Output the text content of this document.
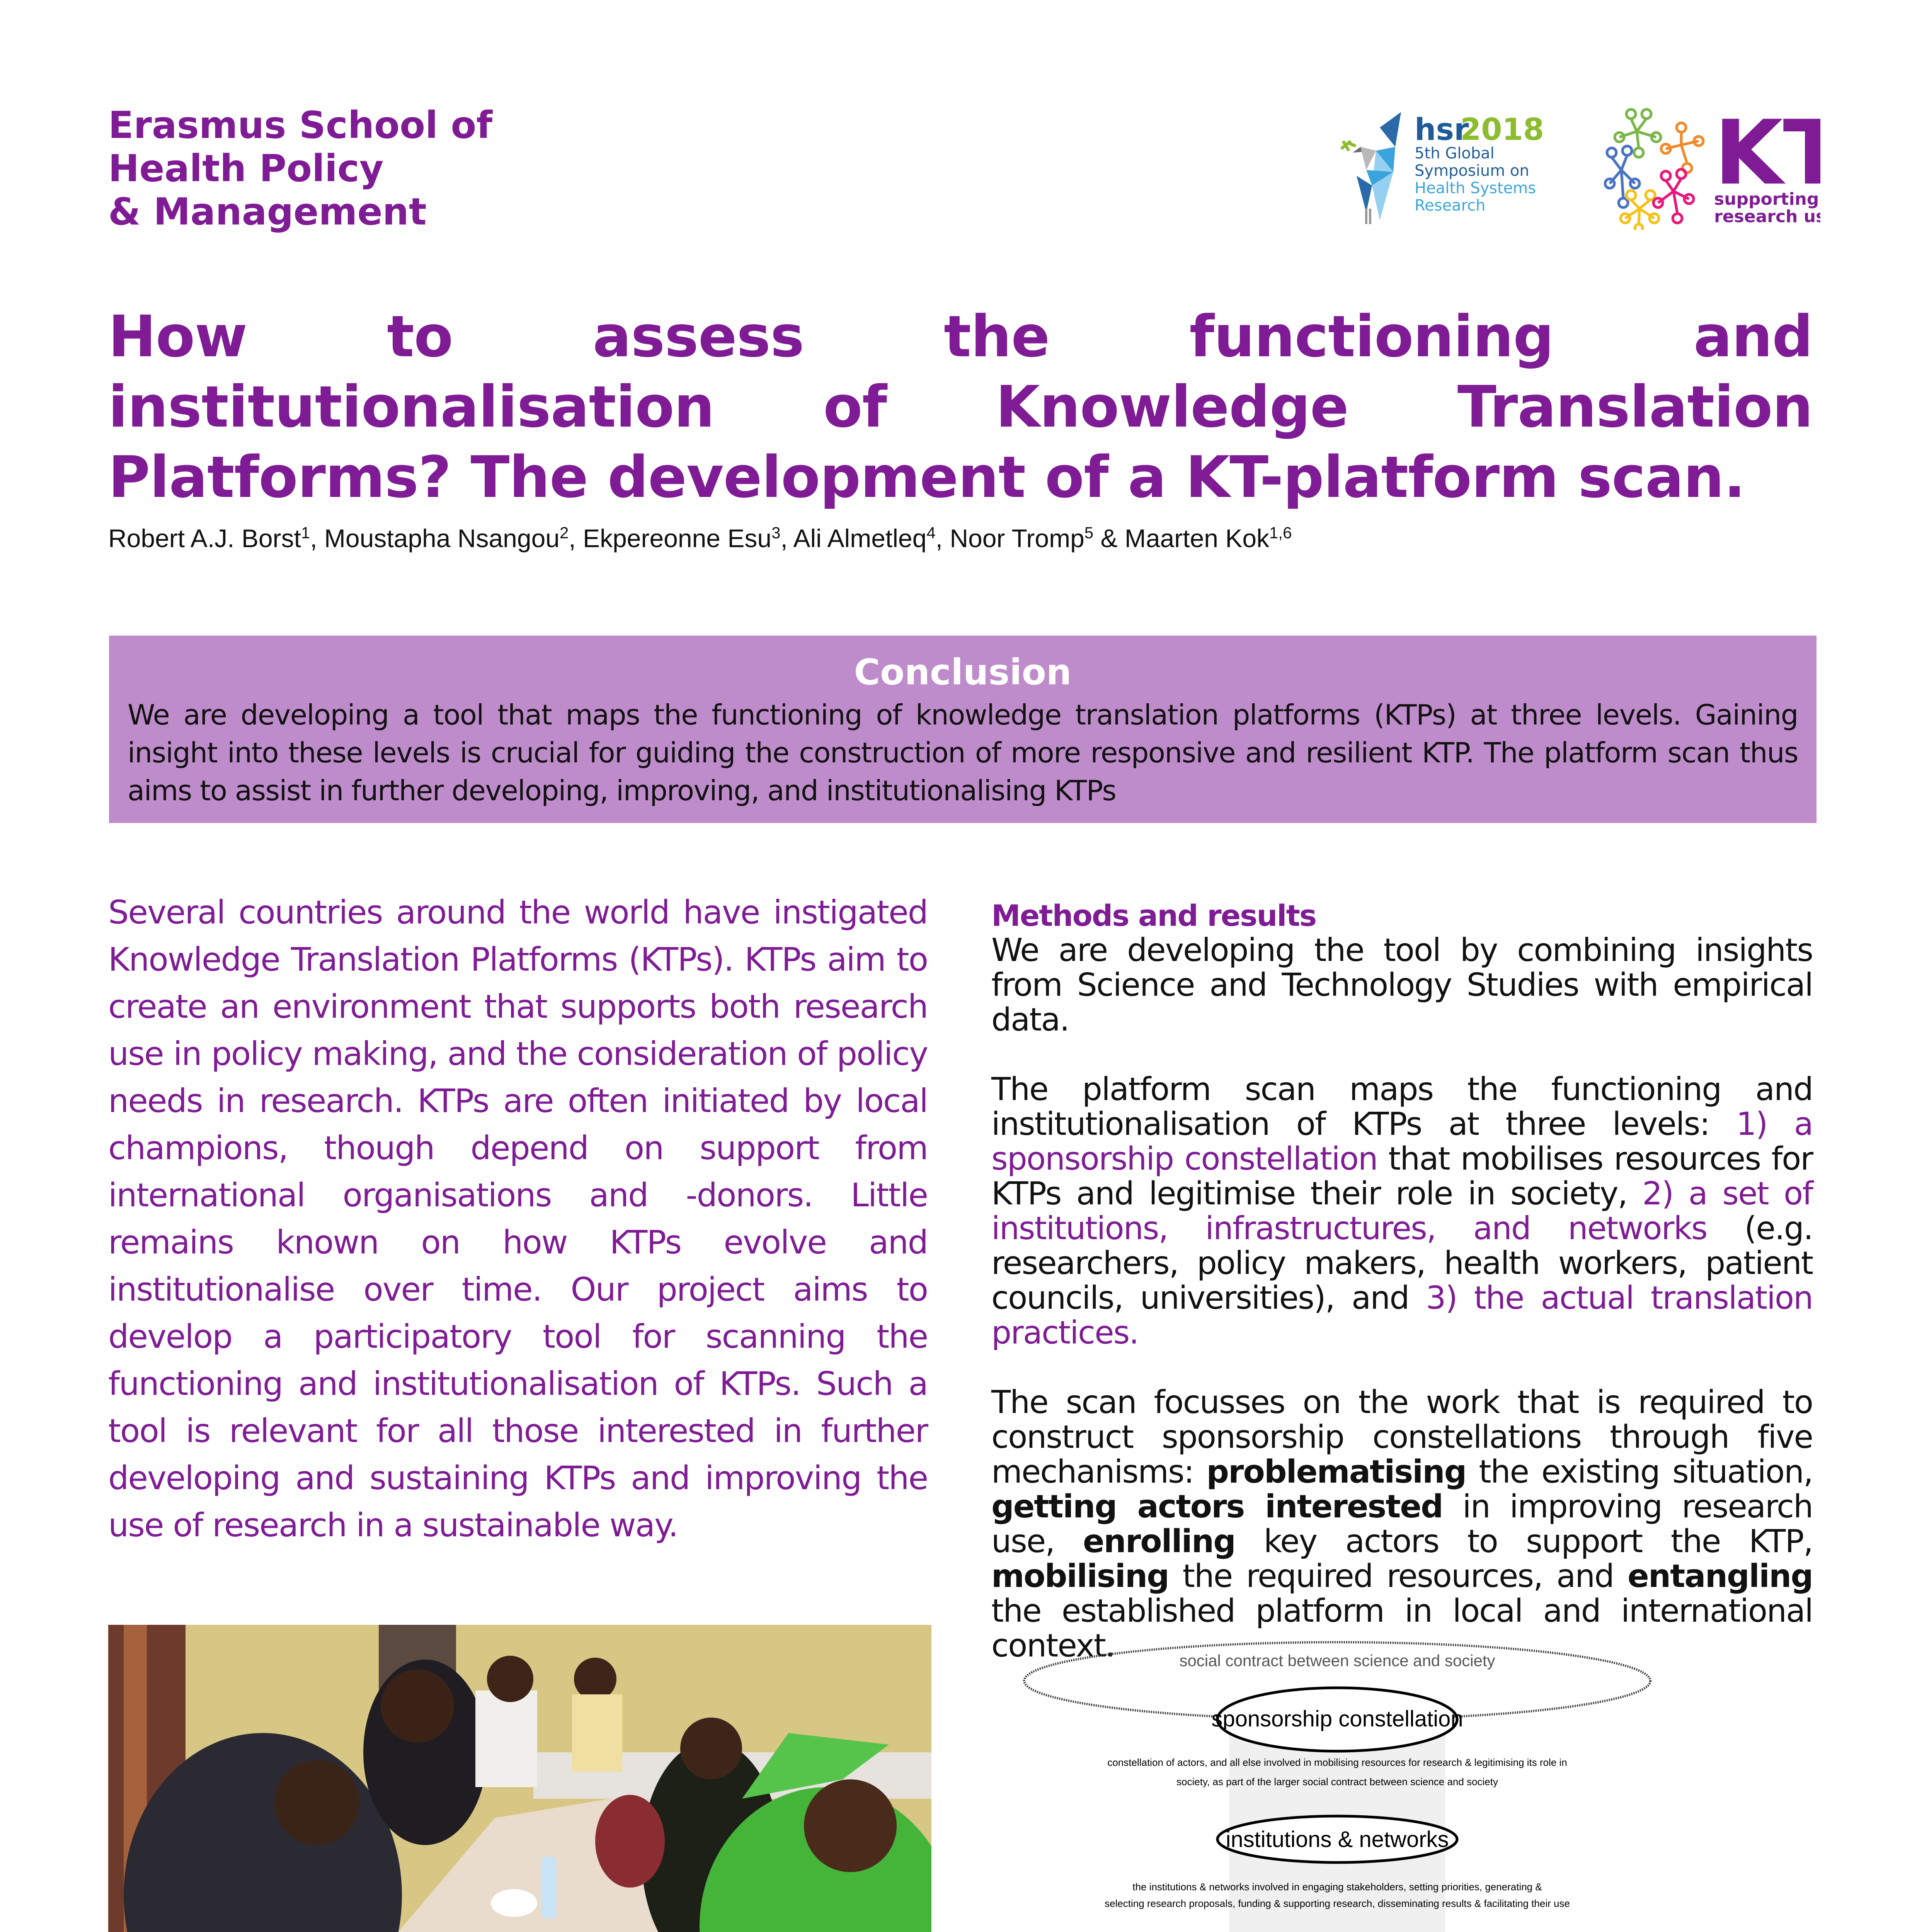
Erasmus School of
Health Policy
& Management
hsr
2018
5th Global
Symposium on
Health Systems
Research
KT
supporting
research u
How to assess the functioning and institutionalisation of Knowledge Translation Platforms? The development of a KT-platform scan.
Robert A.J. Borst$^1$, Moustapha Nsangou$^2$, Ekpereonne Esu$^3$, Ali Almetleq$^4$, Noor Tromp$^5$ & Maarten Kok$^{1,6}$
Conclusion

We are developing a tool that maps the functioning of knowledge translation platforms (KTPs) at three levels. Gaining insight into these levels is crucial for guiding the construction of more responsive and resilient KTP. The platform scan thus aims to assist in further developing, improving, and institutionalising KTPs

Several countries around the world have instigated Knowledge Translation Platforms (KTPs). KTPs aim to create an environment that supports both research use in policy making, and the consideration of policy needs in research. KTPs are often initiated by local champions, though depend on support from international organisations and -donors. Little remains known on how KTPs evolve and institutionalise over time. Our project aims to develop a participatory tool for scanning the functioning and institutionalisation of KTPs. Such a tool is relevant for all those interested in further developing and sustaining KTPs and improving the use of research in a sustainable way.

Methods and results

We are developing the tool by combining insights from Science and Technology Studies with empirical data.

The platform scan maps the functioning and institutionalisation of KTPs at three levels: 1) a sponsorship constellation that mobilises resources for KTPs and legitimise their role in society, 2) a set of institutions, infrastructures, and networks (e.g. researchers, policy makers, health workers, patient councils, universities), and 3) the actual translation practices.

The scan focusses on the work that is required to construct sponsorship constellations through five mechanisms: problematising the existing situation, getting actors interested in improving research use, enrolling key actors to support the KTP, mobilising the required resources, and entangling the established platform in local and international context.	social contract between science and society
sponsorship constellation
constellation of actors, and all else involved in mobilising resources for research & legitimising its role in
society, as part of the larger social contract between science and society
institutions & networks
the institutions & networks involved in engaging stakeholders, setting priorities, generating &
selecting research proposals, funding & supporting research, disseminating results & facilitating their use
